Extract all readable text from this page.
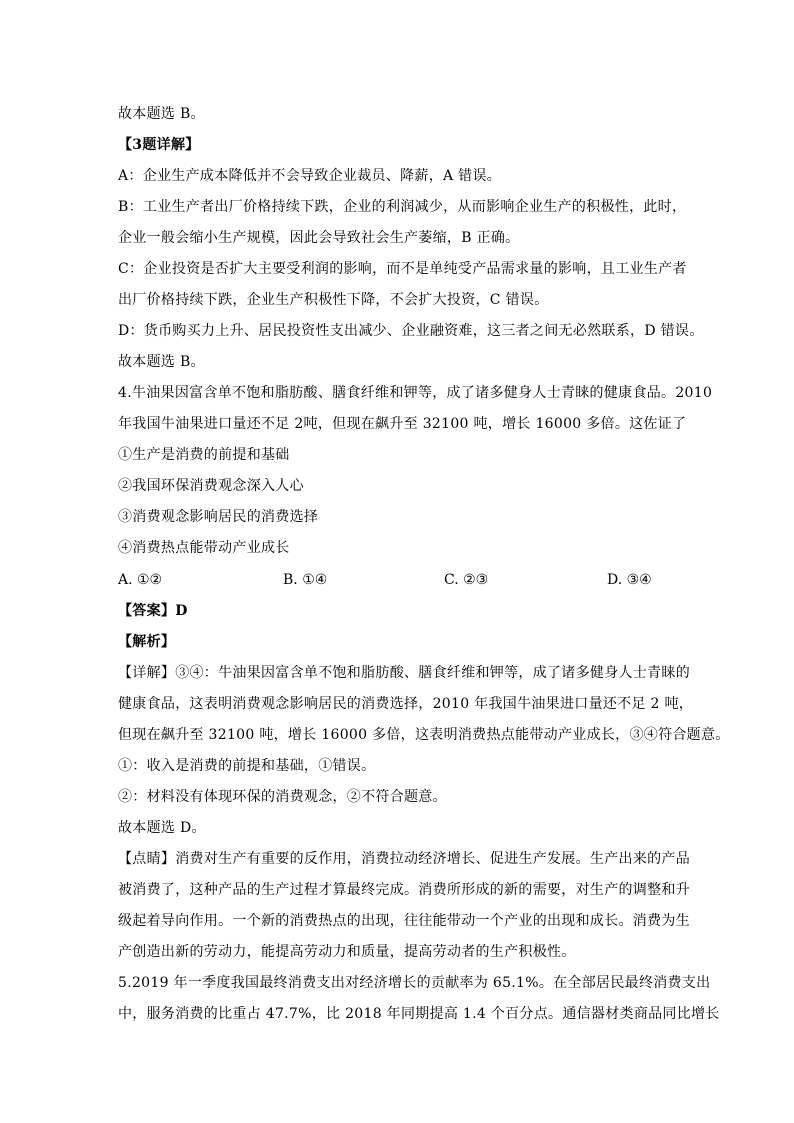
故本题选 B。
【3题详解】
A：企业生产成本降低并不会导致企业裁员、降薪，A 错误。
B：工业生产者出厂价格持续下跌，企业的利润减少，从而影响企业生产的积极性，此时，
企业一般会缩小生产规模，因此会导致社会生产萎缩，B 正确。
C：企业投资是否扩大主要受利润的影响，而不是单纯受产品需求量的影响，且工业生产者
出厂价格持续下跌，企业生产积极性下降，不会扩大投资，C 错误。
D：货币购买力上升、居民投资性支出减少、企业融资难，这三者之间无必然联系，D 错误。
故本题选 B。
4.牛油果因富含单不饱和脂肪酸、膳食纤维和钾等，成了诸多健身人士青睐的健康食品。2010
年我国牛油果进口量还不足 2吨，但现在飙升至 32100 吨，增长 16000 多倍。这佐证了
①生产是消费的前提和基础
②我国环保消费观念深入人心
③消费观念影响居民的消费选择
④消费热点能带动产业成长
A. ①②	B. ①④	C. ②③	D. ③④
【答案】D
【解析】
【详解】③④：牛油果因富含单不饱和脂肪酸、膳食纤维和钾等，成了诸多健身人士青睐的
健康食品，这表明消费观念影响居民的消费选择，2010 年我国牛油果进口量还不足 2 吨，
但现在飙升至 32100 吨，增长 16000 多倍，这表明消费热点能带动产业成长，③④符合题意。
①：收入是消费的前提和基础，①错误。
②：材料没有体现环保的消费观念，②不符合题意。
故本题选 D。
【点睛】消费对生产有重要的反作用，消费拉动经济增长、促进生产发展。生产出来的产品
被消费了，这种产品的生产过程才算最终完成。消费所形成的新的需要，对生产的调整和升
级起着导向作用。一个新的消费热点的出现，往往能带动一个产业的出现和成长。消费为生
产创造出新的劳动力，能提高劳动力和质量，提高劳动者的生产积极性。
5.2019 年一季度我国最终消费支出对经济增长的贡献率为 65.1%。在全部居民最终消费支出
中，服务消费的比重占 47.7%，比 2018 年同期提高 1.4 个百分点。通信器材类商品同比增长
